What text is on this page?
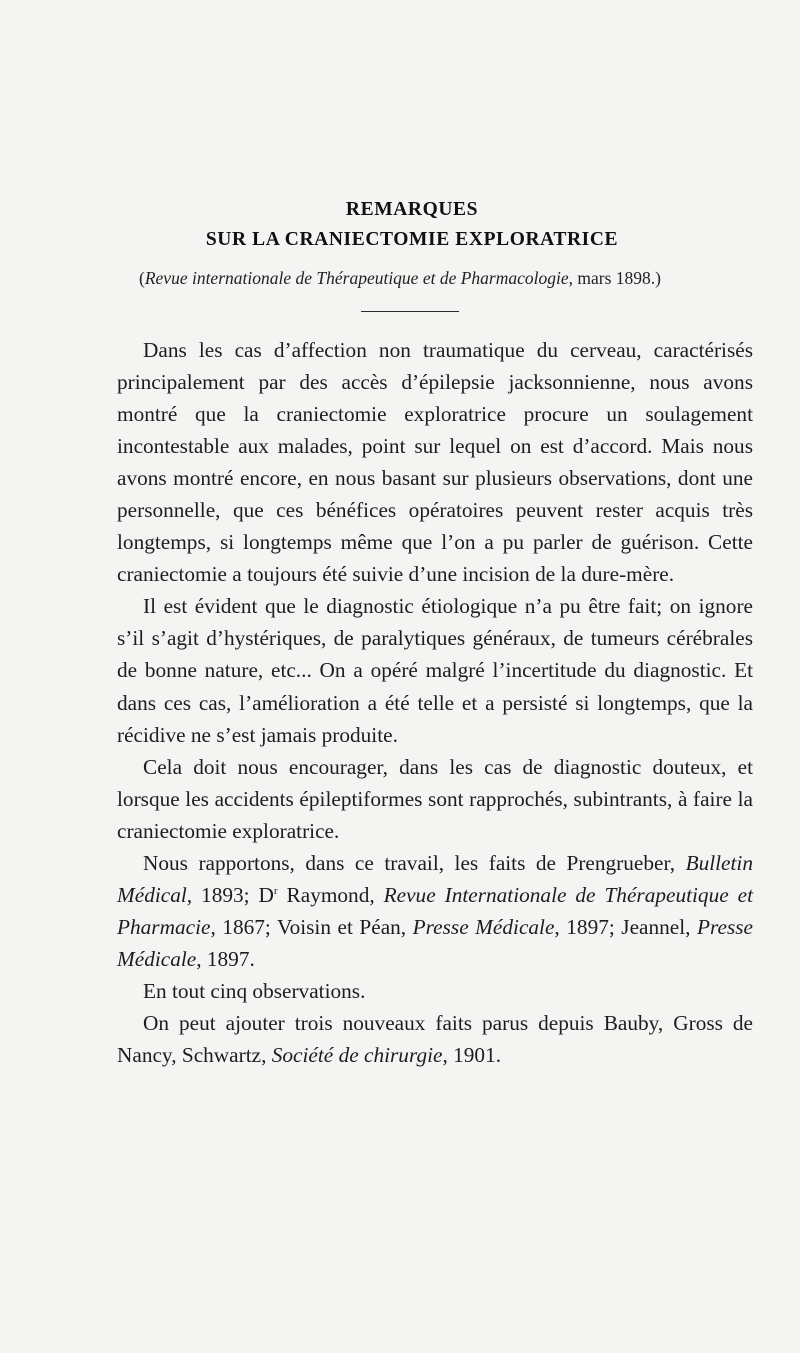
REMARQUES
SUR LA CRANIECTOMIE EXPLORATRICE
(Revue internationale de Thérapeutique et de Pharmacologie, mars 1898.)

Dans les cas d’affection non traumatique du cerveau, caractérisés principalement par des accès d’épilepsie jacksonnienne, nous avons montré que la craniectomie exploratrice procure un soulagement incontestable aux malades, point sur lequel on est d’accord. Mais nous avons montré encore, en nous basant sur plusieurs observations, dont une personnelle, que ces bénéfices opératoires peuvent rester acquis très longtemps, si longtemps même que l’on a pu parler de guérison. Cette craniectomie a toujours été suivie d’une incision de la dure-mère.

Il est évident que le diagnostic étiologique n’a pu être fait; on ignore s’il s’agit d’hystériques, de paralytiques généraux, de tumeurs cérébrales de bonne nature, etc... On a opéré malgré l’incertitude du diagnostic. Et dans ces cas, l’amélioration a été telle et a persisté si longtemps, que la récidive ne s’est jamais produite.

Cela doit nous encourager, dans les cas de diagnostic douteux, et lorsque les accidents épileptiformes sont rapprochés, subintrants, à faire la craniectomie exploratrice.

Nous rapportons, dans ce travail, les faits de Prengrueber, Bulletin Médical, 1893; $D^r$ Raymond, Revue Internationale de Thérapeutique et Pharmacie, 1867; Voisin et Péan, Presse Médicale, 1897; Jeannel, Presse Médicale, 1897.

En tout cinq observations.

On peut ajouter trois nouveaux faits parus depuis Bauby, Gross de Nancy, Schwartz, Société de chirurgie, 1901.
